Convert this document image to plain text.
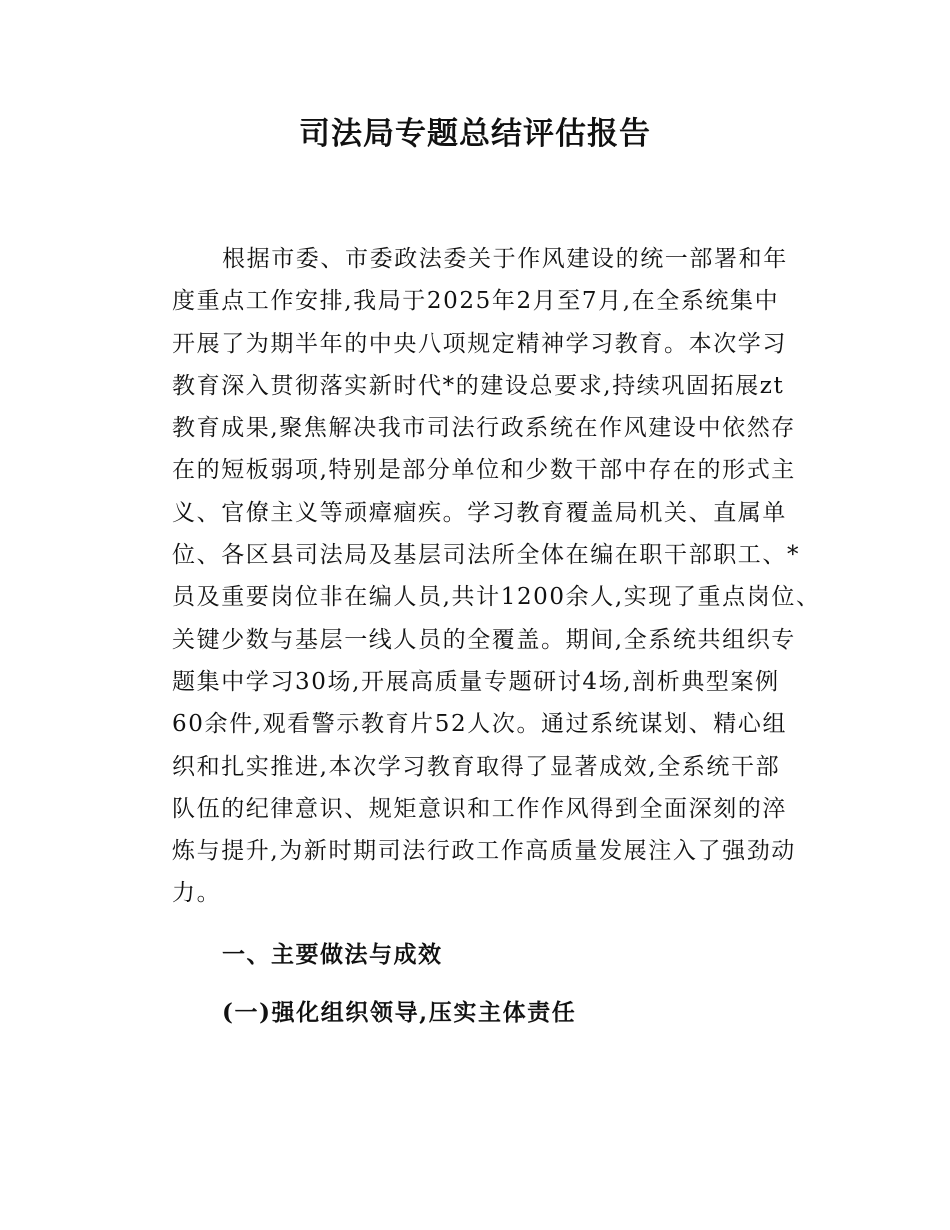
司法局专题总结评估报告
根据市委、市委政法委关于作风建设的统一部署和年
度重点工作安排,我局于2025年2月至7月,在全系统集中
开展了为期半年的中央八项规定精神学习教育。本次学习
教育深入贯彻落实新时代*的建设总要求,持续巩固拓展zt
教育成果,聚焦解决我市司法行政系统在作风建设中依然存
在的短板弱项,特别是部分单位和少数干部中存在的形式主
义、官僚主义等顽瘴痼疾。学习教育覆盖局机关、直属单
位、各区县司法局及基层司法所全体在编在职干部职工、*
员及重要岗位非在编人员,共计1200余人,实现了重点岗位、
关键少数与基层一线人员的全覆盖。期间,全系统共组织专
题集中学习30场,开展高质量专题研讨4场,剖析典型案例
60余件,观看警示教育片52人次。通过系统谋划、精心组
织和扎实推进,本次学习教育取得了显著成效,全系统干部
队伍的纪律意识、规矩意识和工作作风得到全面深刻的淬
炼与提升,为新时期司法行政工作高质量发展注入了强劲动
力。
一、主要做法与成效
(一)强化组织领导,压实主体责任
